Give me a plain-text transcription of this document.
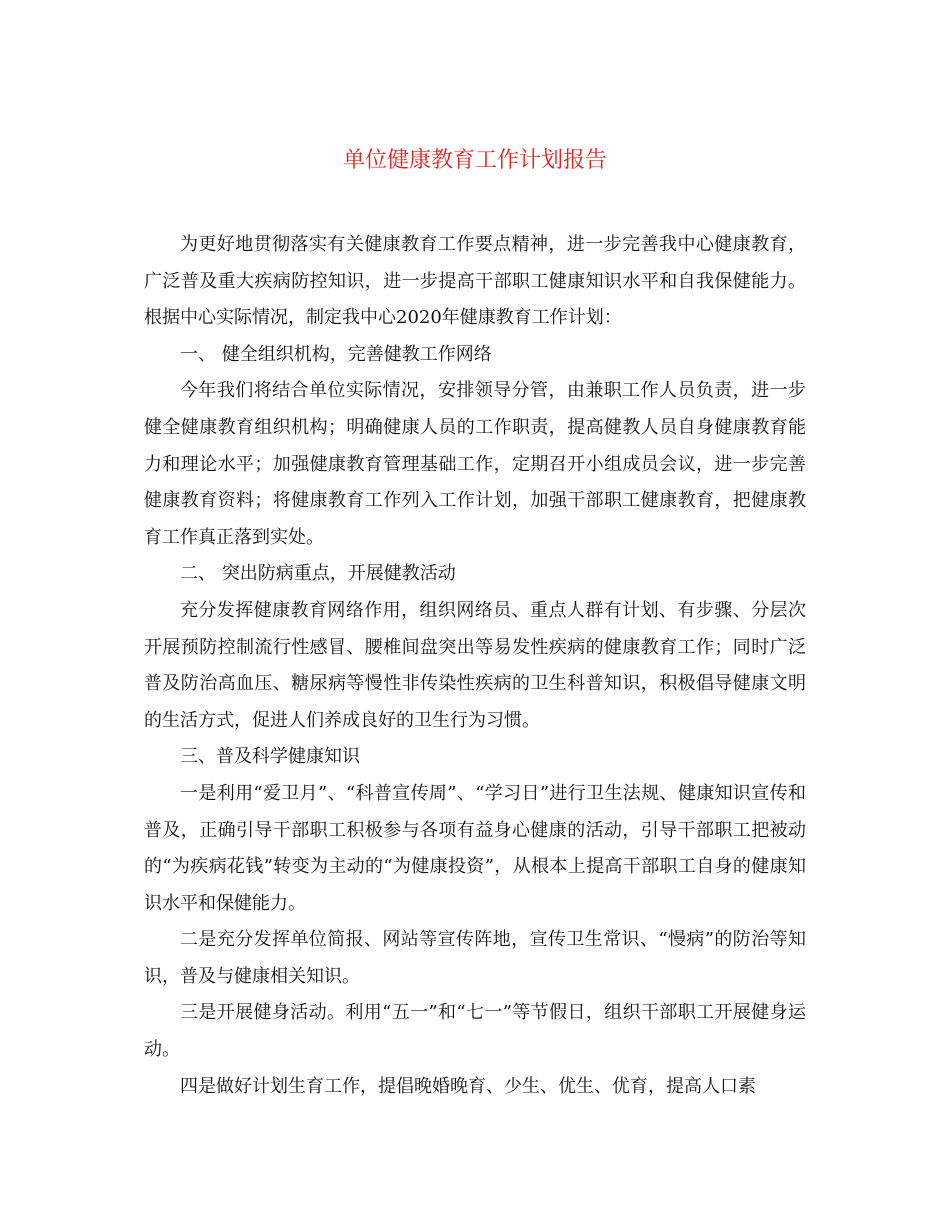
单位健康教育工作计划报告

为更好地贯彻落实有关健康教育工作要点精神，进一步完善我中心健康教育，广泛普及重大疾病防控知识，进一步提高干部职工健康知识水平和自我保健能力。根据中心实际情况，制定我中心2020年健康教育工作计划：

一、 健全组织机构，完善健教工作网络

今年我们将结合单位实际情况，安排领导分管，由兼职工作人员负责，进一步健全健康教育组织机构；明确健康人员的工作职责，提高健教人员自身健康教育能力和理论水平；加强健康教育管理基础工作，定期召开小组成员会议，进一步完善健康教育资料；将健康教育工作列入工作计划，加强干部职工健康教育，把健康教育工作真正落到实处。

二、 突出防病重点，开展健教活动

充分发挥健康教育网络作用，组织网络员、重点人群有计划、有步骤、分层次开展预防控制流行性感冒、腰椎间盘突出等易发性疾病的健康教育工作；同时广泛普及防治高血压、糖尿病等慢性非传染性疾病的卫生科普知识，积极倡导健康文明的生活方式，促进人们养成良好的卫生行为习惯。

三、普及科学健康知识

一是利用“爱卫月”、“科普宣传周”、“学习日”进行卫生法规、健康知识宣传和普及，正确引导干部职工积极参与各项有益身心健康的活动，引导干部职工把被动的“为疾病花钱”转变为主动的“为健康投资”，从根本上提高干部职工自身的健康知识水平和保健能力。

二是充分发挥单位简报、网站等宣传阵地，宣传卫生常识、“慢病”的防治等知识，普及与健康相关知识。

三是开展健身活动。利用“五一”和“七一”等节假日，组织干部职工开展健身运动。

四是做好计划生育工作，提倡晚婚晚育、少生、优生、优育，提高人口素
